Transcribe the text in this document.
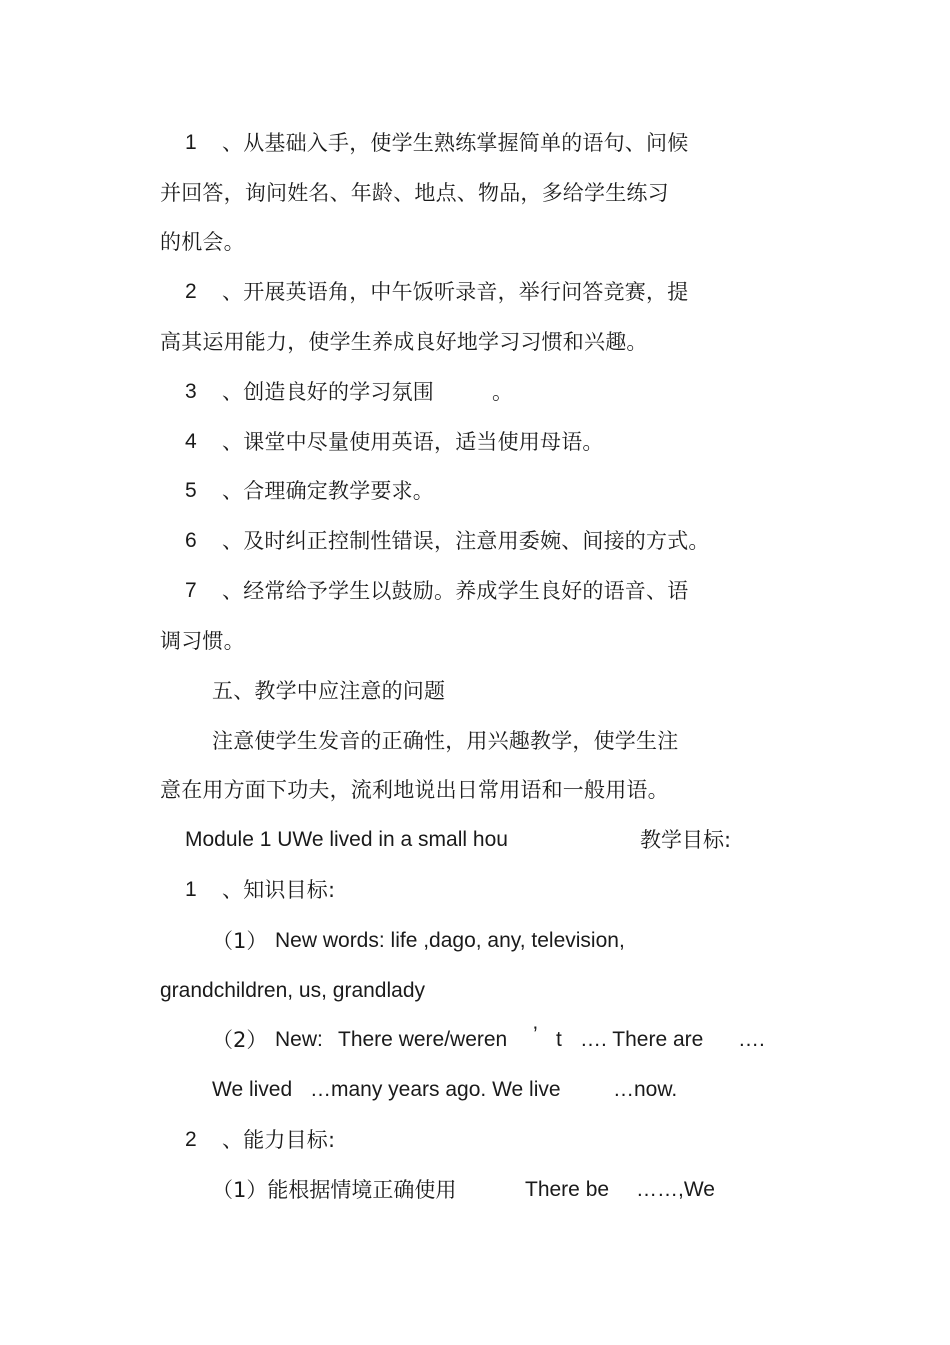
1 、从基础入手，使学生熟练掌握简单的语句、问候
并回答，询问姓名、年龄、地点、物品，多给学生练习
的机会。
2 、开展英语角，中午饭听录音，举行问答竞赛，提
高其运用能力，使学生养成良好地学习习惯和兴趣。
3 、创造良好的学习氛围	。
4 、课堂中尽量使用英语，适当使用母语。
5 、合理确定教学要求。
6 、及时纠正控制性错误，注意用委婉、间接的方式。
7 、经常给予学生以鼓励。养成学生良好的语音、语
调习惯。
五、教学中应注意的问题
注意使学生发音的正确性，用兴趣教学，使学生注
意在用方面下功夫，流利地说出日常用语和一般用语。
Module 1 UWe lived in a small hou	教学目标:
1 、知识目标:
（1） New words: life ,dago, any, television,
grandchildren, us, grandlady
（2） New: There were/weren ’ t …. There are ….
We lived …many years ago. We live …now.
2 、能力目标:
（1）能根据情境正确使用	There be ……,We
